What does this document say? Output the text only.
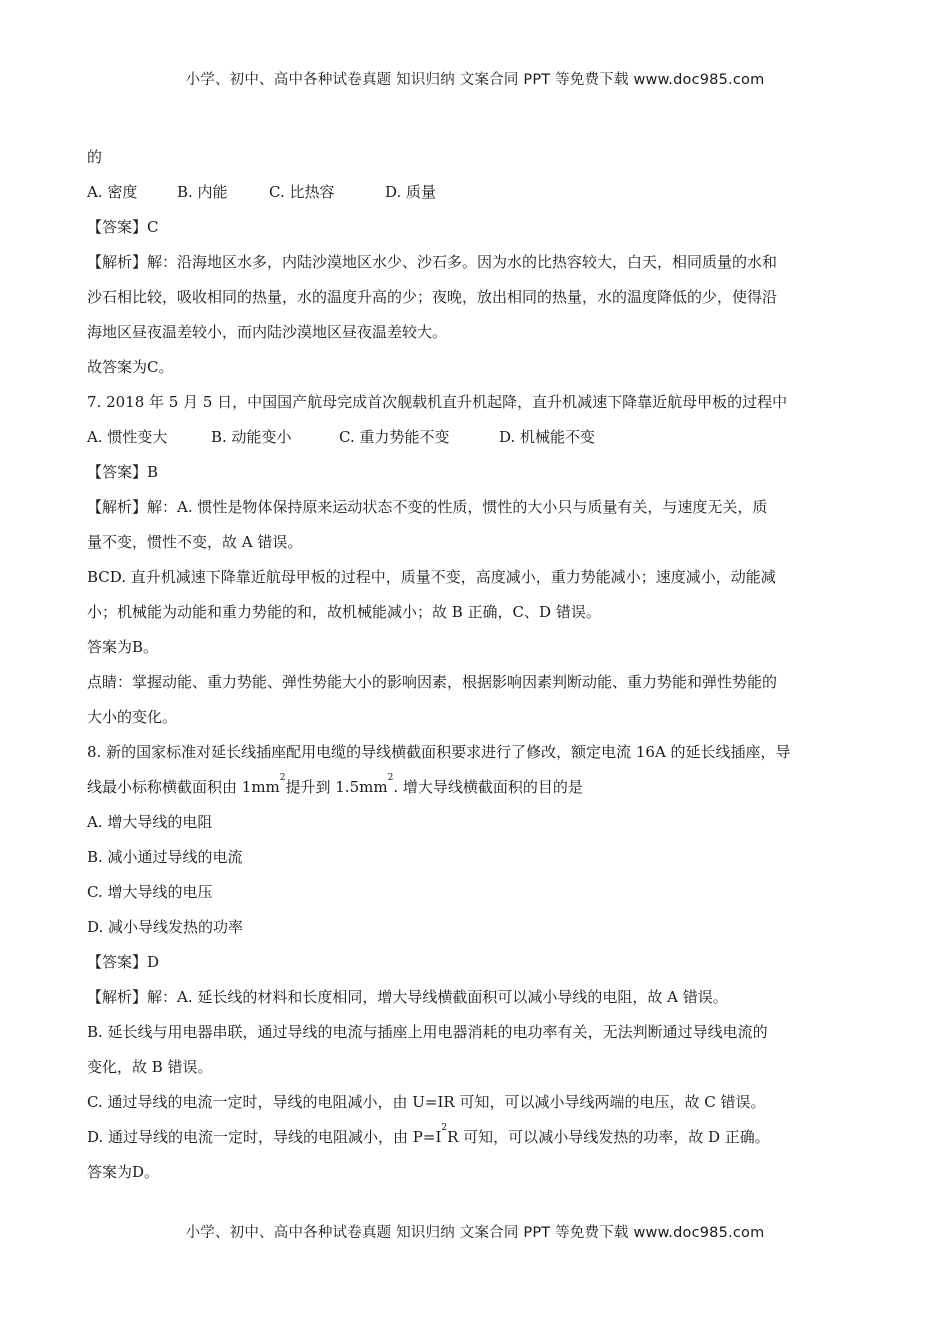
小学、初中、高中各种试卷真题 知识归纳 文案合同 PPT 等免费下载 www.doc985.com
的
A. 密度	B. 内能	C. 比热容	D. 质量
【答案】C
【解析】解：沿海地区水多，内陆沙漠地区水少、沙石多。因为水的比热容较大，白天，相同质量的水和
沙石相比较，吸收相同的热量，水的温度升高的少；夜晚，放出相同的热量，水的温度降低的少，使得沿
海地区昼夜温差较小，而内陆沙漠地区昼夜温差较大。
故答案为C。
7. 2018 年 5 月 5 日，中国国产航母完成首次舰载机直升机起降，直升机减速下降靠近航母甲板的过程中
A. 惯性变大	B. 动能变小	C. 重力势能不变	D. 机械能不变
【答案】B
【解析】解：A. 惯性是物体保持原来运动状态不变的性质，惯性的大小只与质量有关，与速度无关，质
量不变，惯性不变，故 A 错误。
BCD. 直升机减速下降靠近航母甲板的过程中，质量不变，高度减小，重力势能减小；速度减小，动能减
小；机械能为动能和重力势能的和，故机械能减小；故 B 正确，C、D 错误。
答案为B。
点睛：掌握动能、重力势能、弹性势能大小的影响因素，根据影响因素判断动能、重力势能和弹性势能的
大小的变化。
8. 新的国家标准对延长线插座配用电缆的导线横截面积要求进行了修改，额定电流 16A 的延长线插座，导
线最小标称横截面积由 $1mm^2$提升到 $1.5mm^2$. 增大导线横截面积的目的是
A. 增大导线的电阻
B. 减小通过导线的电流
C. 增大导线的电压
D. 减小导线发热的功率
【答案】D
【解析】解：A. 延长线的材料和长度相同，增大导线横截面积可以减小导线的电阻，故 A 错误。
B. 延长线与用电器串联，通过导线的电流与插座上用电器消耗的电功率有关，无法判断通过导线电流的
变化，故 B 错误。
C. 通过导线的电流一定时，导线的电阻减小，由 U=IR 可知，可以减小导线两端的电压，故 C 错误。
D. 通过导线的电流一定时，导线的电阻减小，由 $P=I^2R$ 可知，可以减小导线发热的功率，故 D 正确。
答案为D。
小学、初中、高中各种试卷真题 知识归纳 文案合同 PPT 等免费下载 www.doc985.com
